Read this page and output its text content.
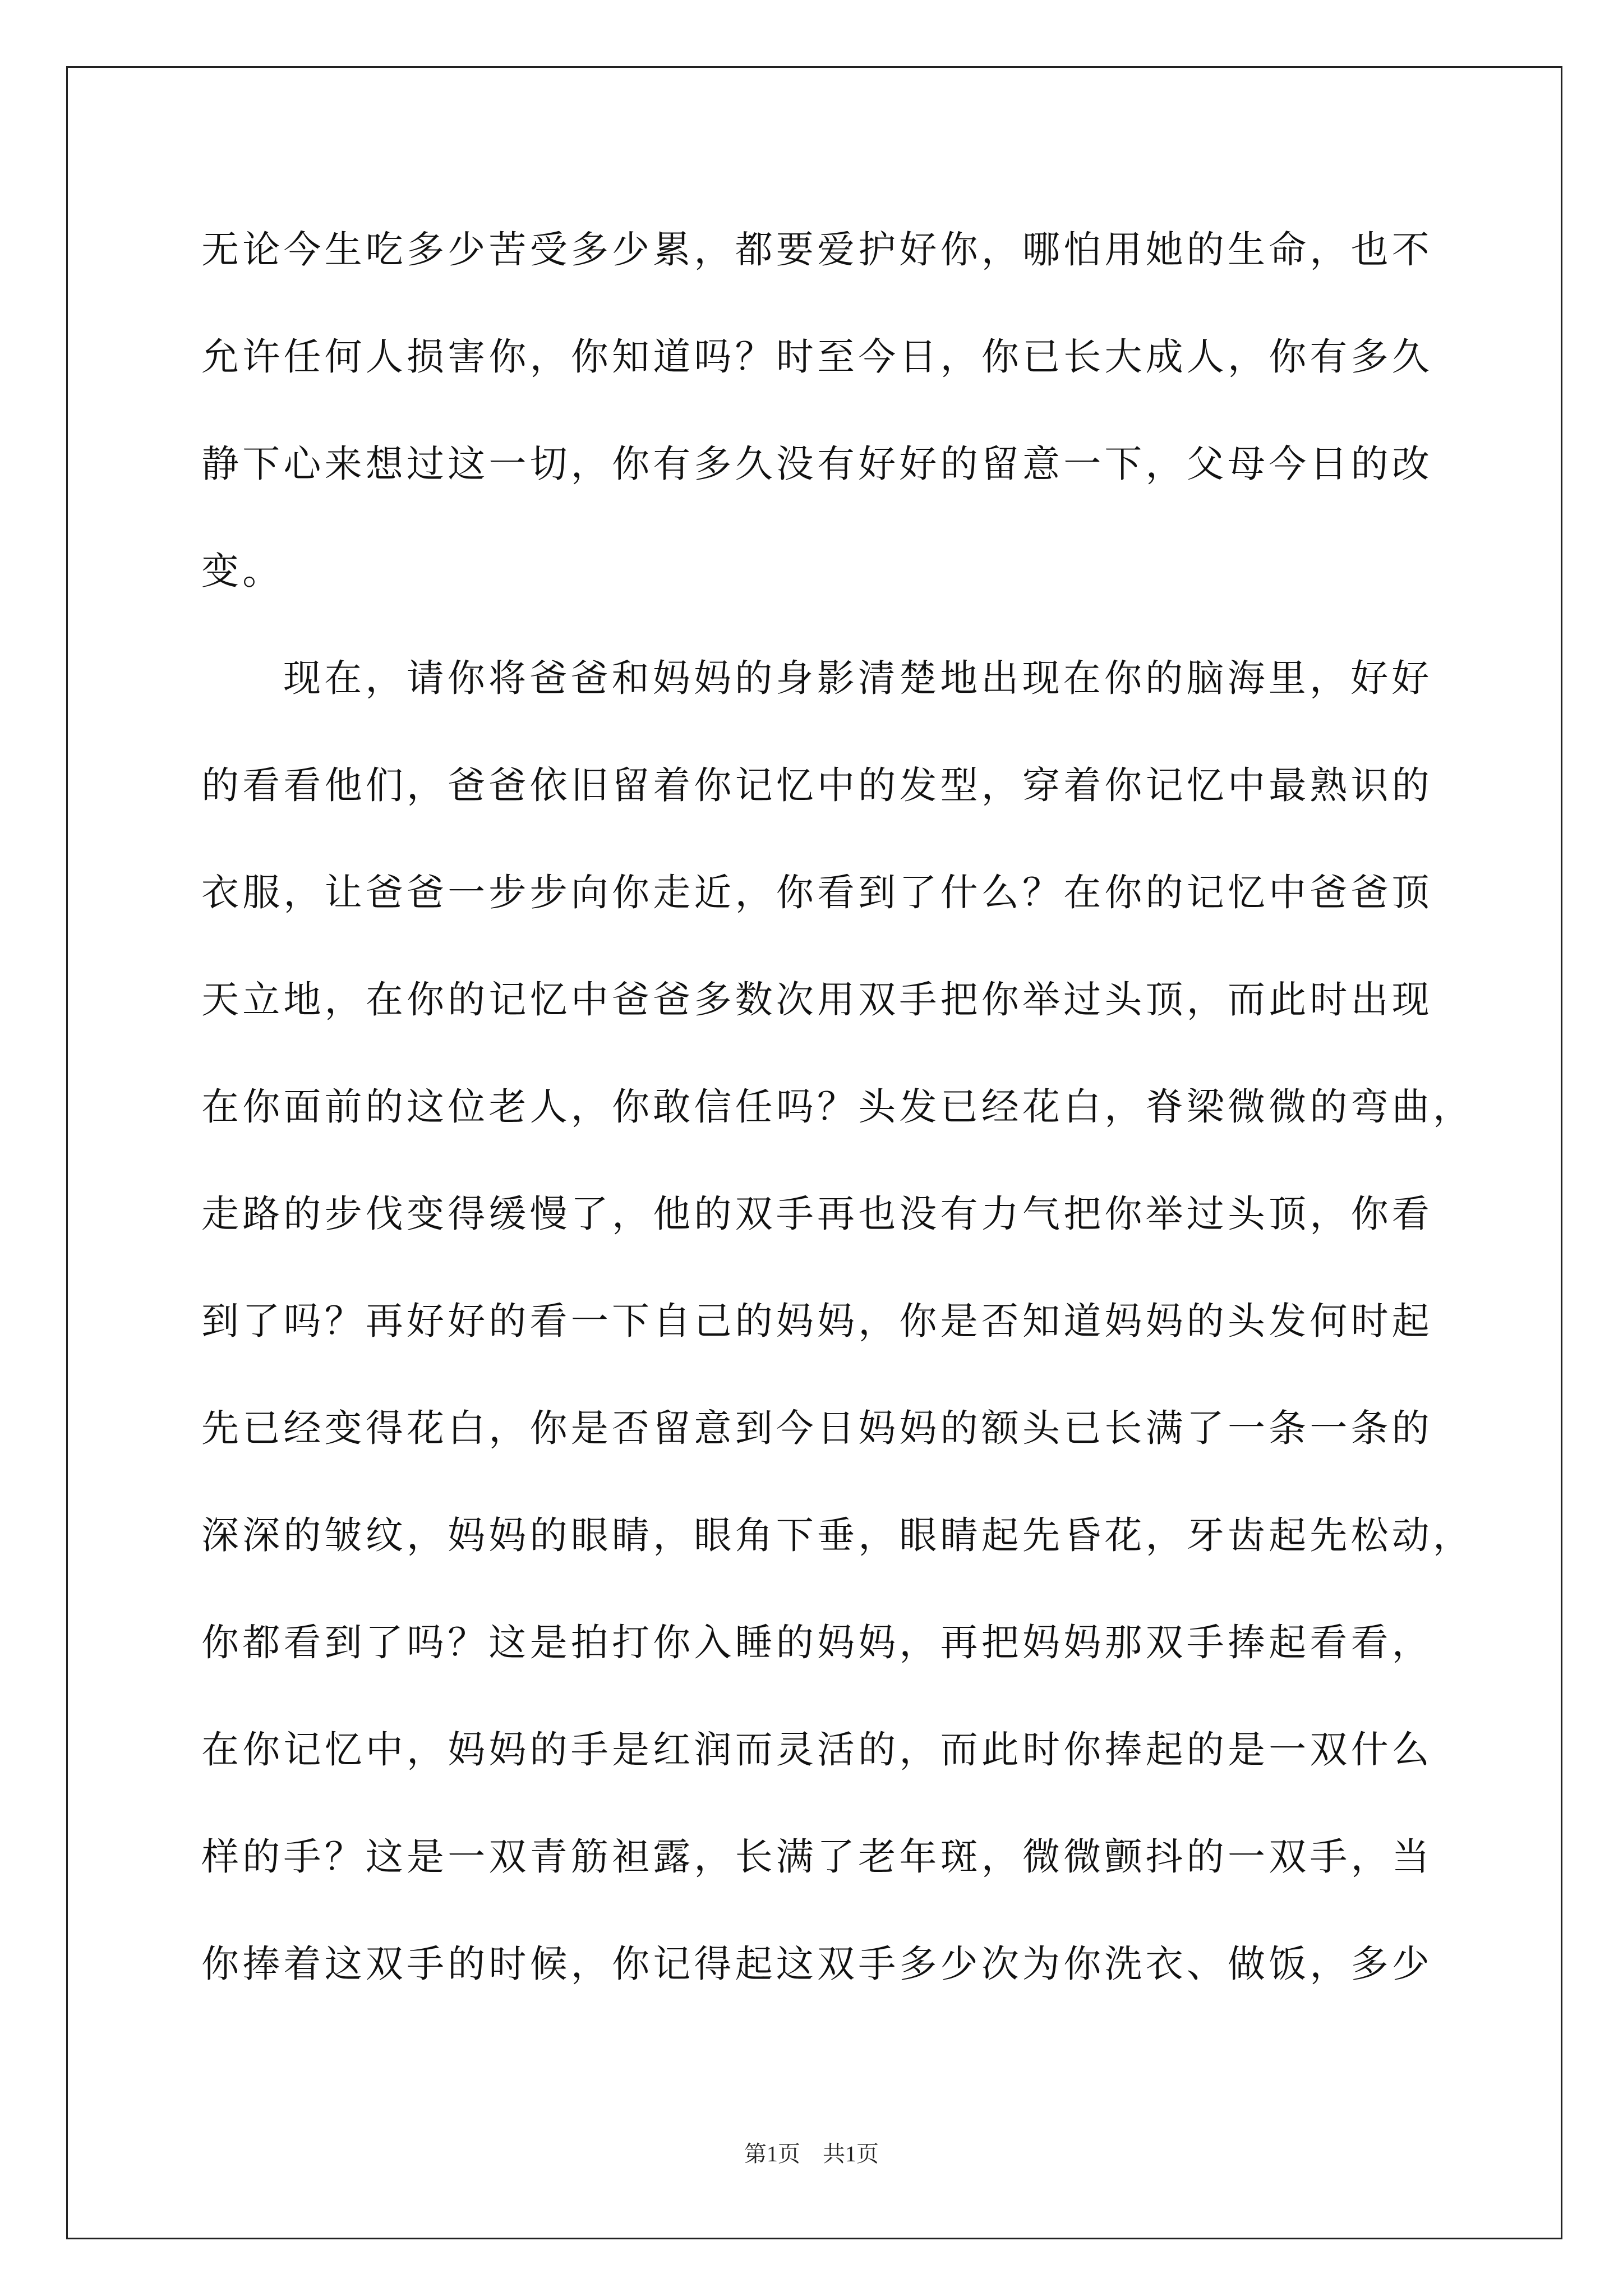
无论今生吃多少苦受多少累，都要爱护好你，哪怕用她的生命，也不
允许任何人损害你，你知道吗？时至今日，你已长大成人，你有多久
静下心来想过这一切，你有多久没有好好的留意一下，父母今日的改
变。
现在，请你将爸爸和妈妈的身影清楚地出现在你的脑海里，好好
的看看他们，爸爸依旧留着你记忆中的发型，穿着你记忆中最熟识的
衣服，让爸爸一步步向你走近，你看到了什么？在你的记忆中爸爸顶
天立地，在你的记忆中爸爸多数次用双手把你举过头顶，而此时出现
在你面前的这位老人，你敢信任吗？头发已经花白，脊梁微微的弯曲，
走路的步伐变得缓慢了，他的双手再也没有力气把你举过头顶，你看
到了吗？再好好的看一下自己的妈妈，你是否知道妈妈的头发何时起
先已经变得花白，你是否留意到今日妈妈的额头已长满了一条一条的
深深的皱纹，妈妈的眼睛，眼角下垂，眼睛起先昏花，牙齿起先松动，
你都看到了吗？这是拍打你入睡的妈妈，再把妈妈那双手捧起看看，
在你记忆中，妈妈的手是红润而灵活的，而此时你捧起的是一双什么
样的手？这是一双青筋袒露，长满了老年斑，微微颤抖的一双手，当
你捧着这双手的时候，你记得起这双手多少次为你洗衣、做饭，多少
第1页　共1页
